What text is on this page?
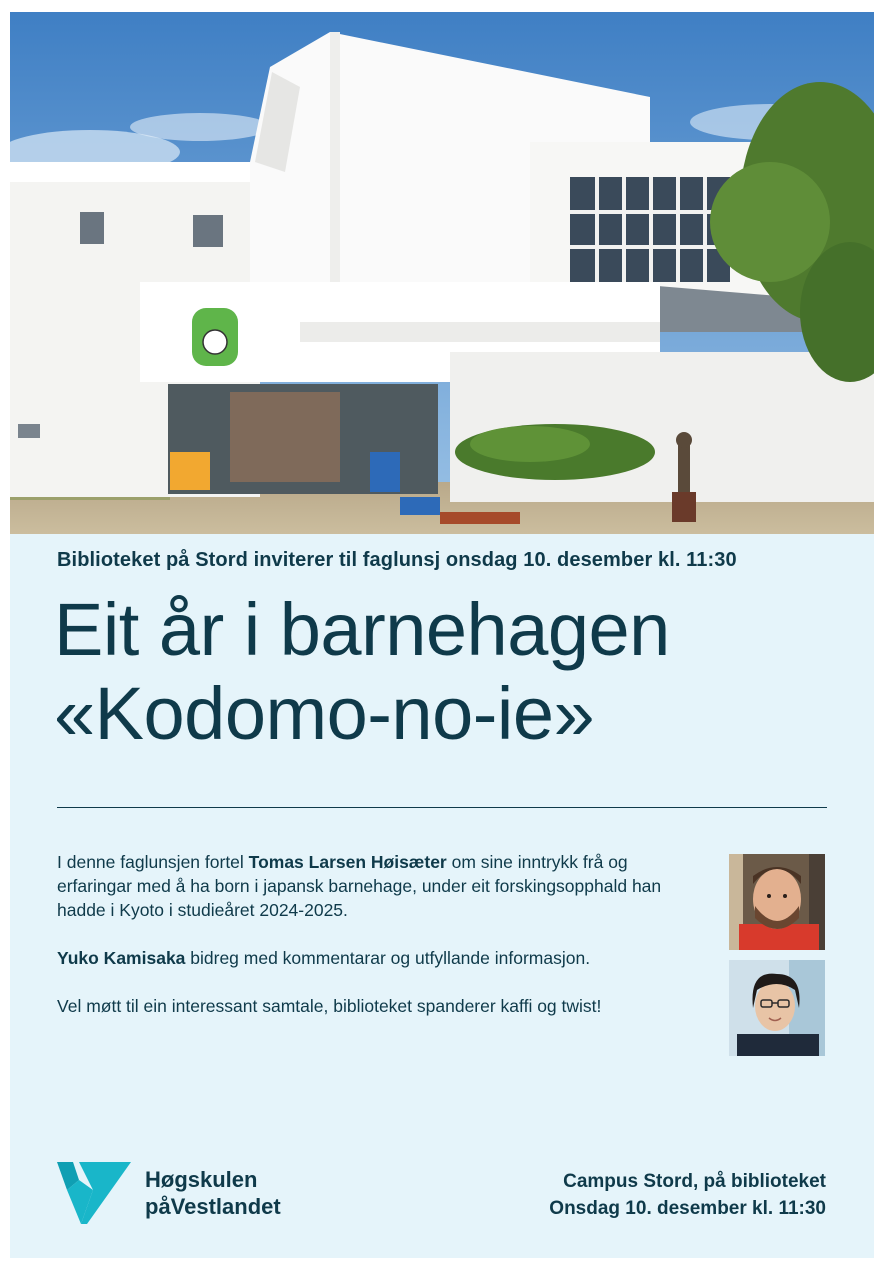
Biblioteket på Stord inviterer til faglunsj onsdag 10. desember kl. 11:30
Eit år i barnehagen
«Kodomo-no-ie»

I denne faglunsjen fortel Tomas Larsen Høisæter om sine inntrykk frå og erfaringar med å ha born i japansk barnehage, under eit forskingsopphald han hadde i Kyoto i studieåret 2024-2025.

Yuko Kamisaka bidreg med kommentarar og utfyllande informasjon.

Vel møtt til ein interessant samtale, biblioteket spanderer kaffi og twist!

Høgskulen
påVestlandet
Campus Stord, på biblioteket
Onsdag 10. desember kl. 11:30
